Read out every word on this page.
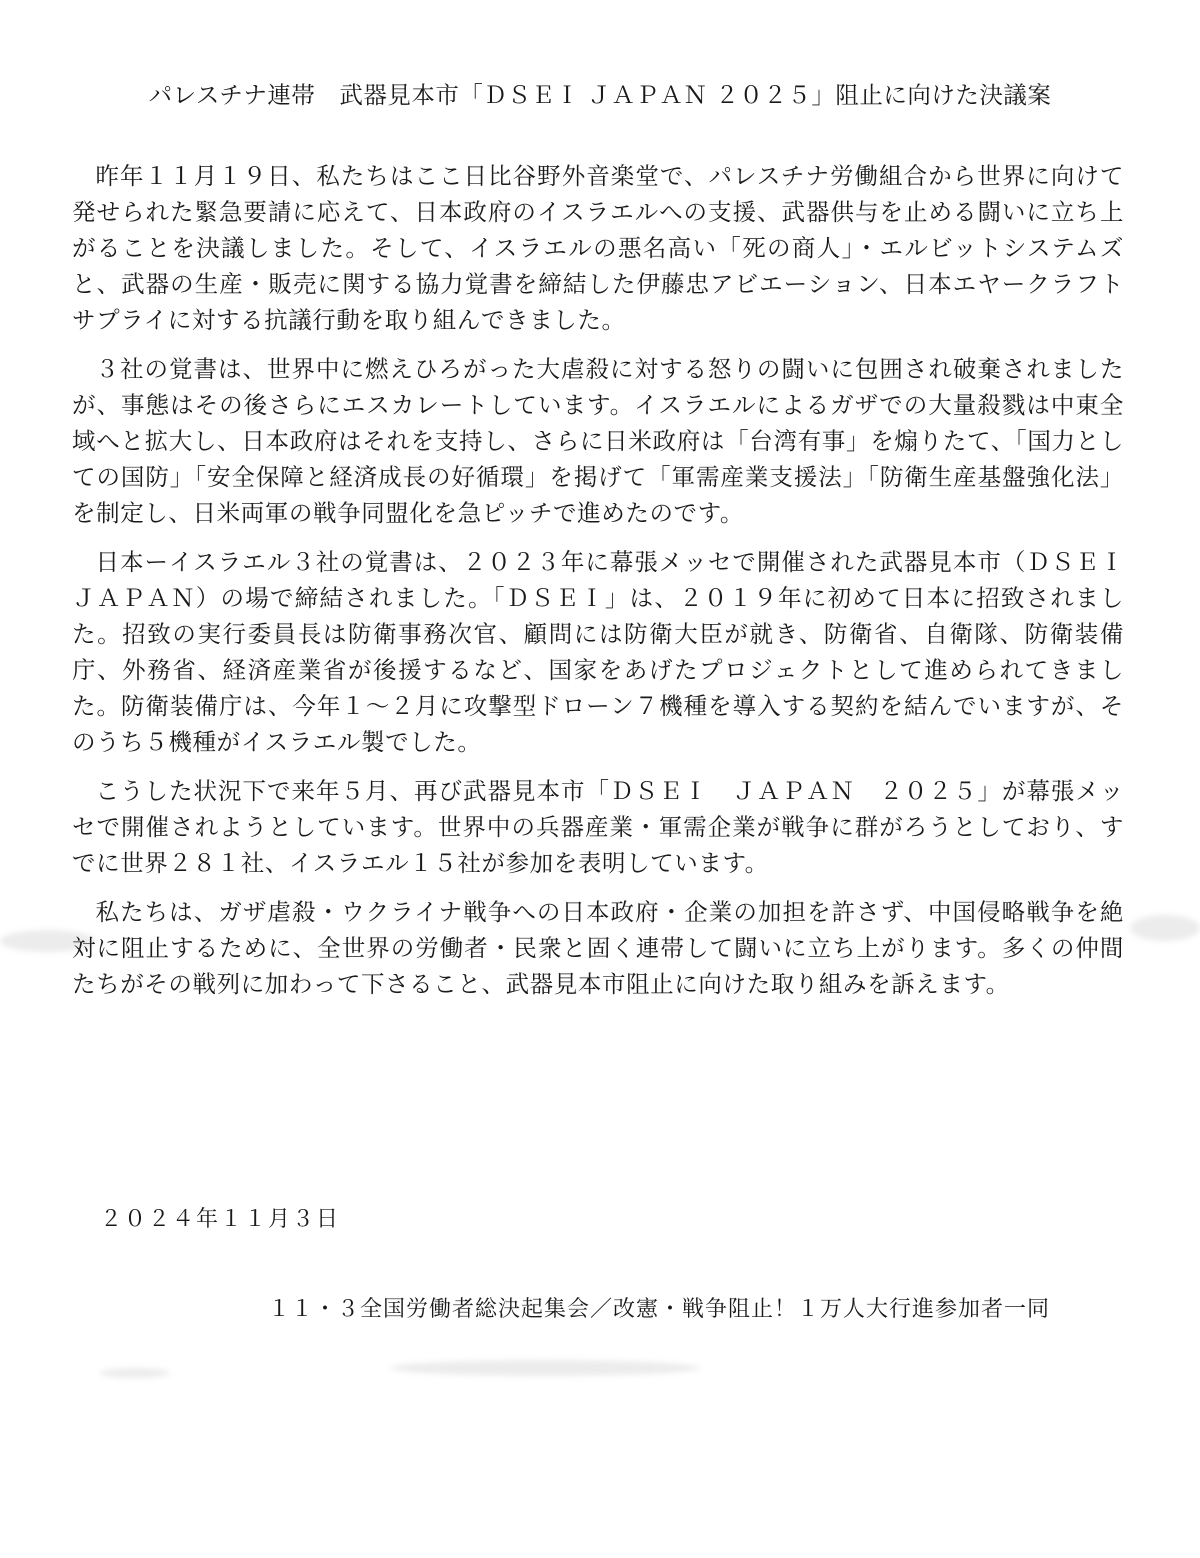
パレスチナ連帯　武器見本市「ＤＳＥＩ ＪＡＰＡＮ ２０２５」阻止に向けた決議案

昨年１１月１９日、私たちはここ日比谷野外音楽堂で、パレスチナ労働組合から世界に向けて発せられた緊急要請に応えて、日本政府のイスラエルへの支援、武器供与を止める闘いに立ち上がることを決議しました。そして、イスラエルの悪名高い「死の商人」・エルビットシステムズと、武器の生産・販売に関する協力覚書を締結した伊藤忠アビエーション、日本エヤークラフトサプライに対する抗議行動を取り組んできました。

３社の覚書は、世界中に燃えひろがった大虐殺に対する怒りの闘いに包囲され破棄されましたが、事態はその後さらにエスカレートしています。イスラエルによるガザでの大量殺戮は中東全域へと拡大し、日本政府はそれを支持し、さらに日米政府は「台湾有事」を煽りたて、「国力としての国防」「安全保障と経済成長の好循環」を掲げて「軍需産業支援法」「防衛生産基盤強化法」を制定し、日米両軍の戦争同盟化を急ピッチで進めたのです。

日本ーイスラエル３社の覚書は、２０２３年に幕張メッセで開催された武器見本市（ＤＳＥＩ ＪＡＰＡＮ）の場で締結されました。「ＤＳＥＩ」は、２０１９年に初めて日本に招致されました。招致の実行委員長は防衛事務次官、顧問には防衛大臣が就き、防衛省、自衛隊、防衛装備庁、外務省、経済産業省が後援するなど、国家をあげたプロジェクトとして進められてきました。防衛装備庁は、今年１～２月に攻撃型ドローン７機種を導入する契約を結んでいますが、そのうち５機種がイスラエル製でした。

こうした状況下で来年５月、再び武器見本市「ＤＳＥＩ　ＪＡＰＡＮ　２０２５」が幕張メッセで開催されようとしています。世界中の兵器産業・軍需企業が戦争に群がろうとしており、すでに世界２８１社、イスラエル１５社が参加を表明しています。

私たちは、ガザ虐殺・ウクライナ戦争への日本政府・企業の加担を許さず、中国侵略戦争を絶対に阻止するために、全世界の労働者・民衆と固く連帯して闘いに立ち上がります。多くの仲間たちがその戦列に加わって下さること、武器見本市阻止に向けた取り組みを訴えます。

２０２４年１１月３日
１１・３全国労働者総決起集会／改憲・戦争阻止！１万人大行進参加者一同
